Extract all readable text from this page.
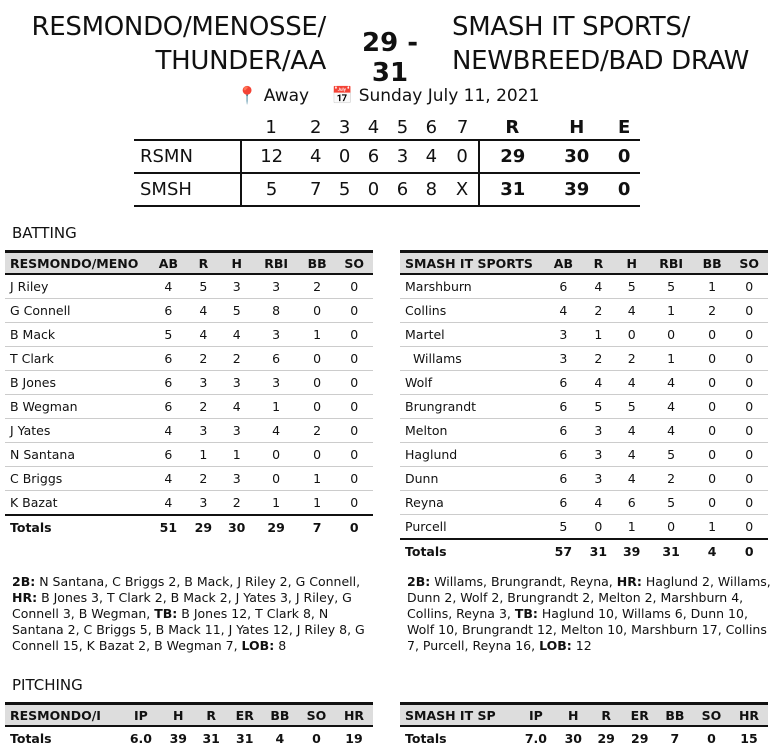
RESMONDO/MENOSSE/ THUNDER/AA
29 - 31
SMASH IT SPORTS/ NEWBREED/BAD DRAW
📍 Away 📅 Sunday July 11, 2021
	1	2	3	4	5	6	7	R	H	E
RSMN	12	4	0	6	3	4	0	29	30	0
SMSH	5	7	5	0	6	8	X	31	39	0
BATTING
RESMONDO/MENO	AB	R	H	RBI	BB	SO
J Riley	4	5	3	3	2	0
G Connell	6	4	5	8	0	0
B Mack	5	4	4	3	1	0
T Clark	6	2	2	6	0	0
B Jones	6	3	3	3	0	0
B Wegman	6	2	4	1	0	0
J Yates	4	3	3	4	2	0
N Santana	6	1	1	0	0	0
C Briggs	4	2	3	0	1	0
K Bazat	4	3	2	1	1	0
Totals	51	29	30	29	7	0
SMASH IT SPORTS	AB	R	H	RBI	BB	SO
Marshburn	6	4	5	5	1	0
Collins	4	2	4	1	2	0
Martel	3	1	0	0	0	0
Willams	3	2	2	1	0	0
Wolf	6	4	4	4	0	0
Brungrandt	6	5	5	4	0	0
Melton	6	3	4	4	0	0
Haglund	6	3	4	5	0	0
Dunn	6	3	4	2	0	0
Reyna	6	4	6	5	0	0
Purcell	5	0	1	0	1	0
Totals	57	31	39	31	4	0
2B: N Santana, C Briggs 2, B Mack, J Riley 2, G Connell, HR: B Jones 3, T Clark 2, B Mack 2, J Yates 3, J Riley, G Connell 3, B Wegman, TB: B Jones 12, T Clark 8, N Santana 2, C Briggs 5, B Mack 11, J Yates 12, J Riley 8, G Connell 15, K Bazat 2, B Wegman 7, LOB: 8
2B: Willams, Brungrandt, Reyna, HR: Haglund 2, Willams, Dunn 2, Wolf 2, Brungrandt 2, Melton 2, Marshburn 4, Collins, Reyna 3, TB: Haglund 10, Willams 6, Dunn 10, Wolf 10, Brungrandt 12, Melton 10, Marshburn 17, Collins 7, Purcell, Reyna 16, LOB: 12
PITCHING
RESMONDO/I	IP	H	R	ER	BB	SO	HR
Totals	6.0	39	31	31	4	0	19
SMASH IT SP	IP	H	R	ER	BB	SO	HR
Totals	7.0	30	29	29	7	0	15
